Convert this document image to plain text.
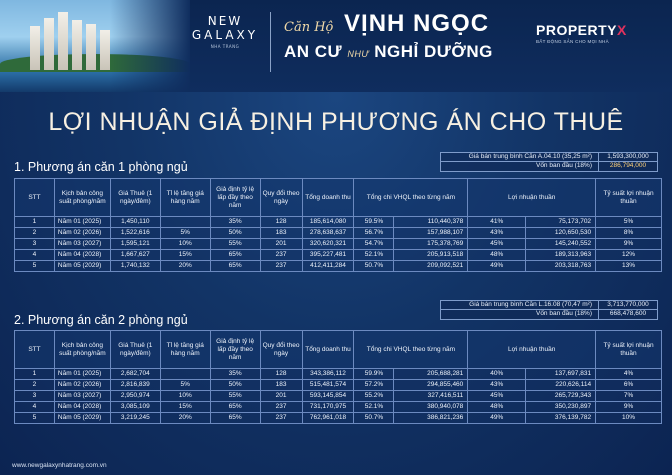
NEW
GALAXY
NHA TRANG
Căn Hộ VỊNH NGỌC
AN CƯ NHƯ NGHỈ DƯỠNG
PROPERTYX
BẤT ĐỘNG SẢN CHO MỌI NHÀ
LỢI NHUẬN GIẢ ĐỊNH PHƯƠNG ÁN CHO THUÊ
1. Phương án căn 1 phòng ngủ
Giá bán trung bình Căn A.04.10 (35,25 m²)	1,593,300,000
Vốn ban đầu (18%)	286,794,000
STT	Kịch bản công suất phòng/năm	Giá Thuê (1 ngày/đêm)	Tỉ lệ tăng giá hàng năm	Giả định tỷ lệ lấp đầy theo năm	Quy đổi theo ngày	Tổng doanh thu	Tổng chi VHQL theo từng năm		Lợi nhuận thuần		Tỷ suất lợi nhuận thuần
1	Năm 01 (2025)	1,450,110		35%	128	185,614,080	59.5%	110,440,378	41%	75,173,702	5%
2	Năm 02 (2026)	1,522,616	5%	50%	183	278,638,637	56.7%	157,988,107	43%	120,650,530	8%
3	Năm 03 (2027)	1,595,121	10%	55%	201	320,620,321	54.7%	175,378,769	45%	145,240,552	9%
4	Năm 04 (2028)	1,667,627	15%	65%	237	395,227,481	52.1%	205,913,518	48%	189,313,963	12%
5	Năm 05 (2029)	1,740,132	20%	65%	237	412,411,284	50.7%	209,092,521	49%	203,318,763	13%
2. Phương án căn 2 phòng ngủ
Giá bán trung bình Căn L.16.08 (70,47 m²)	3,713,770,000
Vốn ban đầu (18%)	668,478,600
STT	Kịch bản công suất phòng/năm	Giá Thuê (1 ngày/đêm)	Tỉ lệ tăng giá hàng năm	Giả định tỷ lệ lấp đầy theo năm	Quy đổi theo ngày	Tổng doanh thu	Tổng chi VHQL theo từng năm		Lợi nhuận thuần		Tỷ suất lợi nhuận thuần
1	Năm 01 (2025)	2,682,704		35%	128	343,386,112	59.9%	205,688,281	40%	137,697,831	4%
2	Năm 02 (2026)	2,816,839	5%	50%	183	515,481,574	57.2%	294,855,460	43%	220,626,114	6%
3	Năm 03 (2027)	2,950,974	10%	55%	201	593,145,854	55.2%	327,416,511	45%	265,729,343	7%
4	Năm 04 (2028)	3,085,109	15%	65%	237	731,170,975	52.1%	380,940,078	48%	350,230,897	9%
5	Năm 05 (2029)	3,219,245	20%	65%	237	762,961,018	50.7%	386,821,236	49%	376,139,782	10%
www.newgalaxynhatrang.com.vn
